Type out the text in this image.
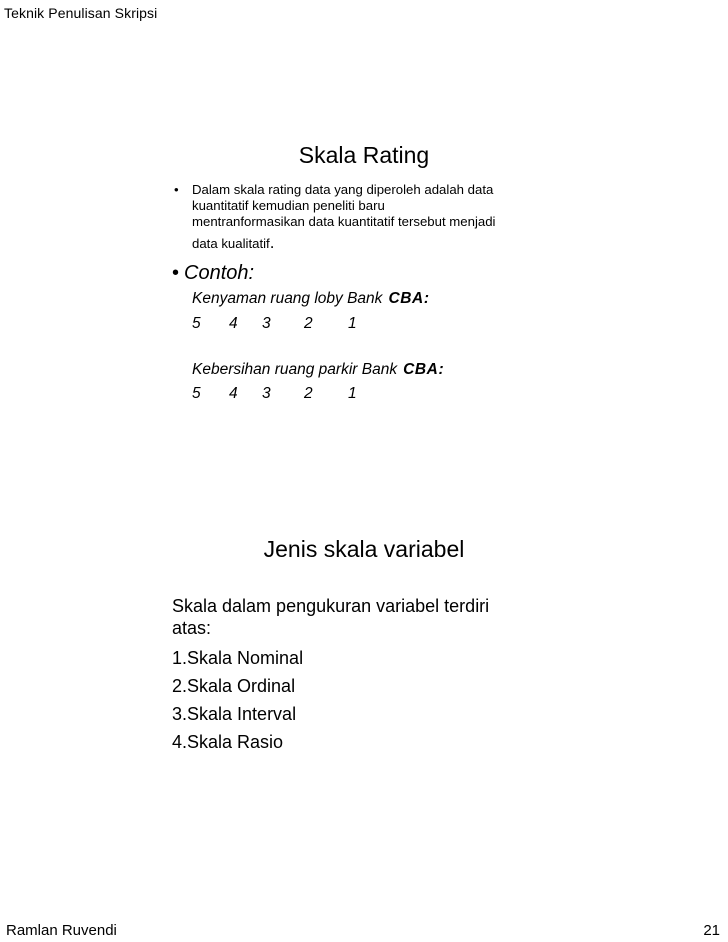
Teknik Penulisan Skripsi
Skala Rating
• Dalam skala rating data yang diperoleh adalah data
kuantitatif kemudian peneliti baru
mentranformasikan data kuantitatif tersebut menjadi
data kualitatif.
• Contoh:
Kenyaman ruang loby Bank CBA:
5 4 3 2 1
Kebersihan ruang parkir Bank CBA:
5 4 3 2 1
Jenis skala variabel
Skala dalam pengukuran variabel terdiri
atas:
1.Skala Nominal
2.Skala Ordinal
3.Skala Interval
4.Skala Rasio
Ramlan Ruvendi	21
